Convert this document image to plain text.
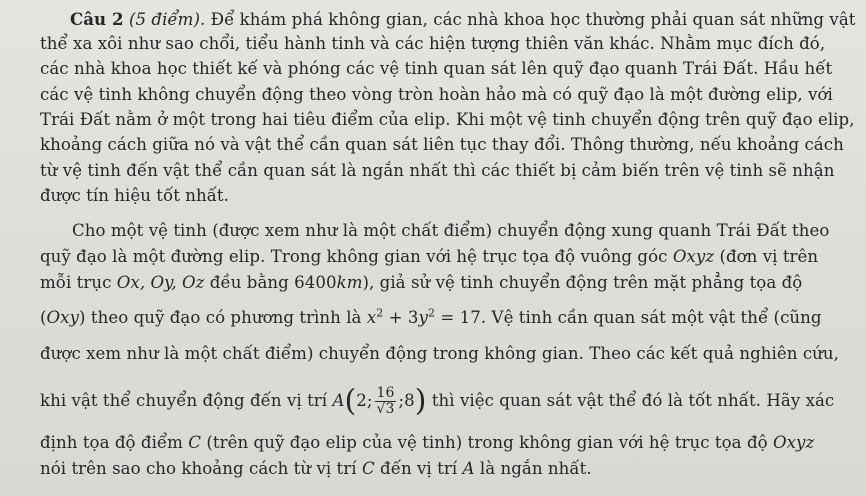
Câu 2 (5 điểm). Để khám phá không gian, các nhà khoa học thường phải quan sát những vật
thể xa xôi như sao chổi, tiểu hành tinh và các hiện tượng thiên văn khác. Nhằm mục đích đó,
các nhà khoa học thiết kế và phóng các vệ tinh quan sát lên quỹ đạo quanh Trái Đất. Hầu hết
các vệ tinh không chuyển động theo vòng tròn hoàn hảo mà có quỹ đạo là một đường elip, với
Trái Đất nằm ở một trong hai tiêu điểm của elip. Khi một vệ tinh chuyển động trên quỹ đạo elip,
khoảng cách giữa nó và vật thể cần quan sát liên tục thay đổi. Thông thường, nếu khoảng cách
từ vệ tinh đến vật thể cần quan sát là ngắn nhất thì các thiết bị cảm biến trên vệ tinh sẽ nhận
được tín hiệu tốt nhất.
Cho một vệ tinh (được xem như là một chất điểm) chuyển động xung quanh Trái Đất theo
quỹ đạo là một đường elip. Trong không gian với hệ trục tọa độ vuông góc Oxyz (đơn vị trên
mỗi trục Ox, Oy, Oz đều bằng 6400km), giả sử vệ tinh chuyển động trên mặt phẳng tọa độ
(Oxy) theo quỹ đạo có phương trình là $x^2 + 3y^2 = 17$. Vệ tinh cần quan sát một vật thể (cũng
được xem như là một chất điểm) chuyển động trong không gian. Theo các kết quả nghiên cứu,
khi vật thể chuyển động đến vị trí A(2; $\frac{16}{√3}$ ;8) thì việc quan sát vật thể đó là tốt nhất. Hãy xác
định tọa độ điểm C (trên quỹ đạo elip của vệ tinh) trong không gian với hệ trục tọa độ Oxyz
nói trên sao cho khoảng cách từ vị trí C đến vị trí A là ngắn nhất.
